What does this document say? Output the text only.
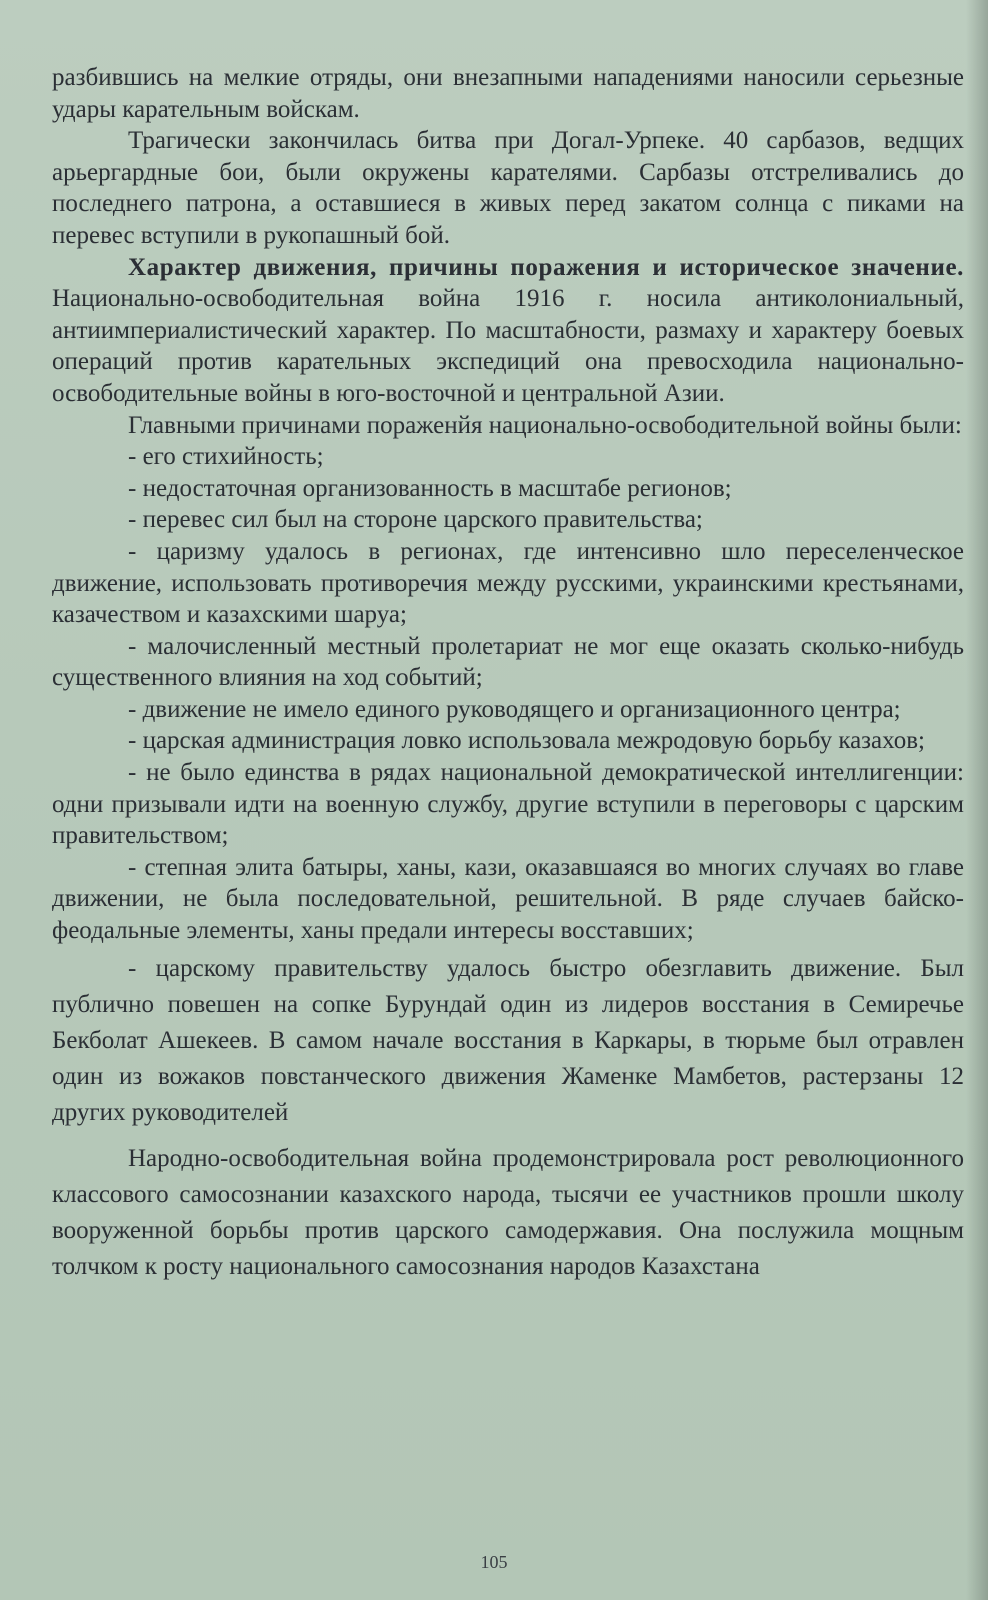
разбившись на мелкие отряды, они внезапными нападениями наносили серьезные удары карательным войскам.

Трагически закончилась битва при Догал-Урпеке. 40 сарбазов, ведщих арьергардные бои, были окружены карателями. Сарбазы отстреливались до последнего патрона, а оставшиеся в живых перед закатом солнца с пиками на перевес вступили в рукопашный бой.

Характер движения, причины поражения и историческое значение. Национально-освободительная война 1916 г. носила антиколониальный, антиимпериалистический характер. По масштабности, размаху и характеру боевых операций против карательных экспедиций она превосходила национально-освободительные войны в юго-восточной и центральной Азии.

Главными причинами пораженйя национально-освободительной войны были:

- его стихийность;

- недостаточная организованность в масштабе регионов;

- перевес сил был на стороне царского правительства;

- царизму удалось в регионах, где интенсивно шло переселенческое движение, использовать противоречия между русскими, украинскими крестьянами, казачеством и казахскими шаруа;

- малочисленный местный пролетариат не мог еще оказать сколько-нибудь существенного влияния на ход событий;

- движение не имело единого руководящего и организационного центра;

- царская администрация ловко использовала межродовую борьбу казахов;

- не было единства в рядах национальной демократической интеллигенции: одни призывали идти на военную службу, другие вступили в переговоры с царским правительством;

- степная элита батыры, ханы, кази, оказавшаяся во многих случаях во главе движении, не была последовательной, решительной. В ряде случаев байско-феодальные элементы, ханы предали интересы восставших;

- царскому правительству удалось быстро обезглавить движение. Был публично повешен на сопке Бурундай один из лидеров восстания в Семиречье Бекболат Ашекеев. В самом начале восстания в Каркары, в тюрьме был отравлен один из вожаков повстанческого движения Жаменке Мамбетов, растерзаны 12 других руководителей

Народно-освободительная война продемонстрировала рост революционного классового самосознании казахского народа, тысячи ее участников прошли школу вооруженной борьбы против царского самодержавия. Она послужила мощным толчком к росту национального самосознания народов Казахстана

105
